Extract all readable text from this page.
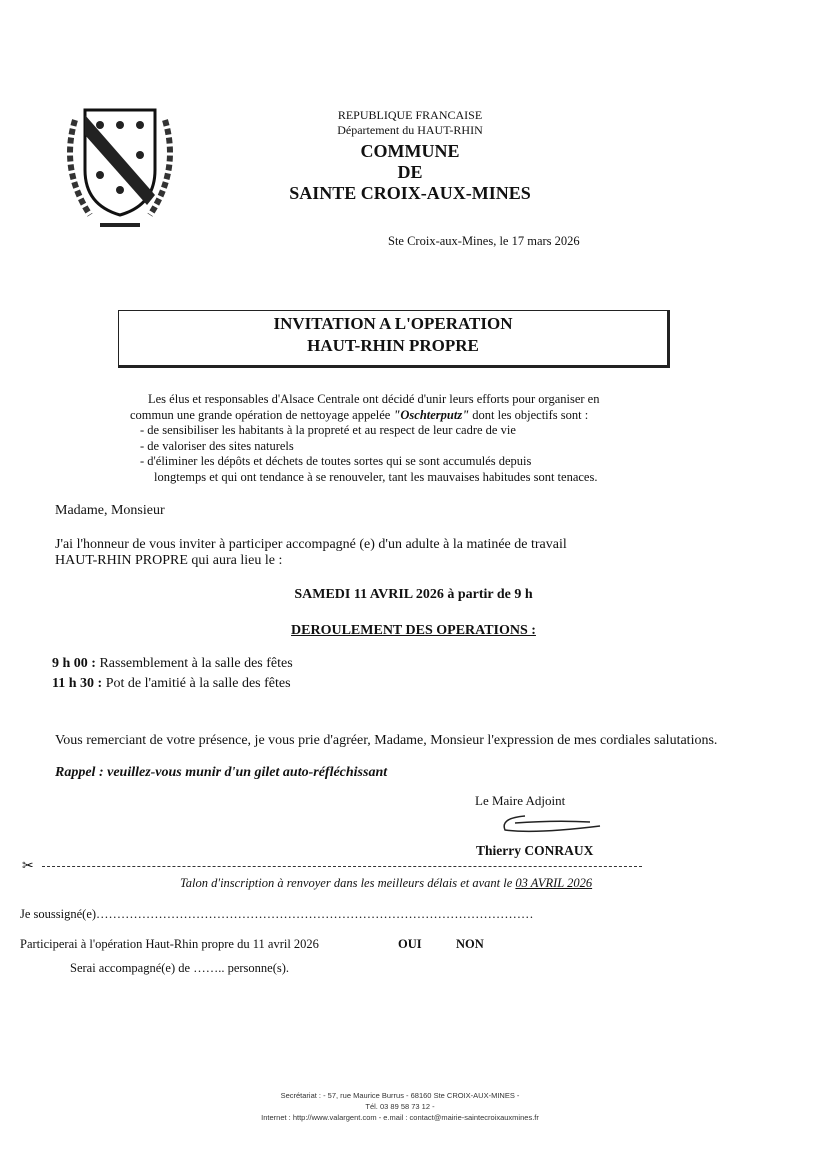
REPUBLIQUE FRANCAISE
Département du HAUT-RHIN
COMMUNE
DE
SAINTE CROIX-AUX-MINES
Ste Croix-aux-Mines, le 17 mars 2026
INVITATION A L'OPERATION
HAUT-RHIN PROPRE
Les élus et responsables d'Alsace Centrale ont décidé d'unir leurs efforts pour organiser en
commun une grande opération de nettoyage appelée "Oschterputz" dont les objectifs sont :
- de sensibiliser les habitants à la propreté et au respect de leur cadre de vie
- de valoriser des sites naturels
- d'éliminer les dépôts et déchets de toutes sortes qui se sont accumulés depuis
longtemps et qui ont tendance à se renouveler, tant les mauvaises habitudes sont tenaces.
Madame, Monsieur
J'ai l'honneur de vous inviter à participer accompagné (e) d'un adulte à la matinée de travail
HAUT-RHIN PROPRE qui aura lieu le :
SAMEDI 11 AVRIL 2026 à partir de 9 h
DEROULEMENT DES OPERATIONS :
9 h 00 : Rassemblement à la salle des fêtes
11 h 30 : Pot de l'amitié à la salle des fêtes
Vous remerciant de votre présence, je vous prie d'agréer, Madame, Monsieur l'expression de mes cordiales salutations.
Rappel : veuillez-vous munir d'un gilet auto-réfléchissant
Le Maire Adjoint
Thierry CONRAUX
✂
Talon d'inscription à renvoyer dans les meilleurs délais et avant le 03 AVRIL 2026
Je soussigné(e)……………………………………………………………………………………………
Participerai à l'opération Haut-Rhin propre du 11 avril 2026	OUI	NON
Serai accompagné(e) de …….. personne(s).
Secrétariat : - 57, rue Maurice Burrus - 68160 Ste CROIX-AUX-MINES -
Tél. 03 89 58 73 12 -
Internet : http://www.valargent.com - e.mail : contact@mairie-saintecroixauxmines.fr
